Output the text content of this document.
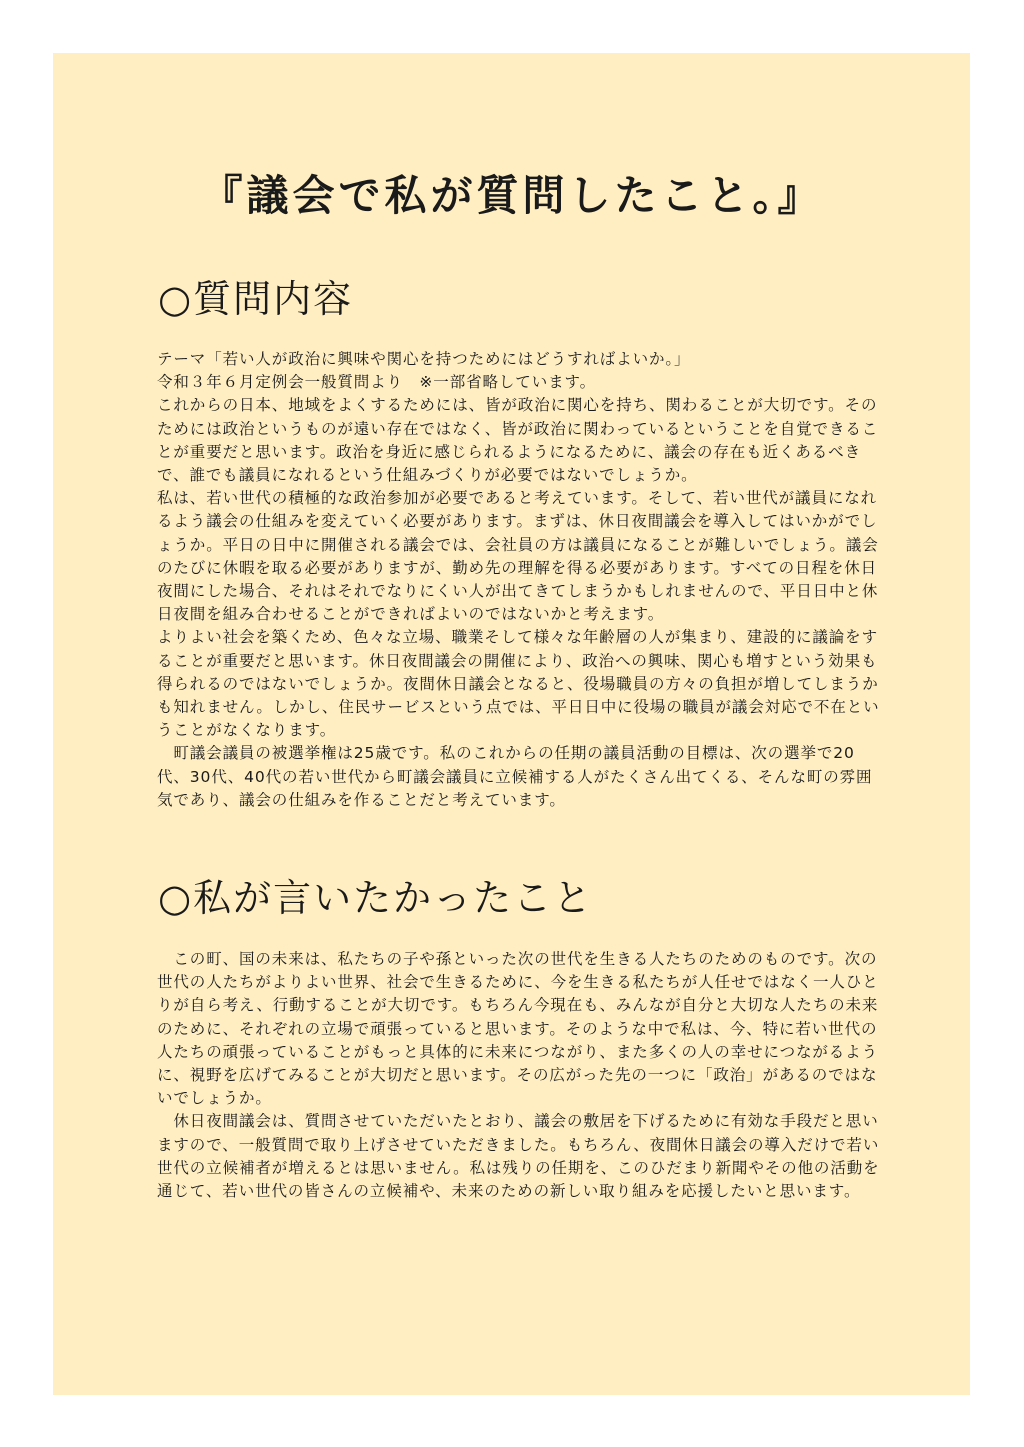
『議会で私が質問したこと。』
○質問内容

テーマ「若い人が政治に興味や関心を持つためにはどうすればよいか。」

令和３年６月定例会一般質問より　※一部省略しています。

これからの日本、地域をよくするためには、皆が政治に関心を持ち、関わることが大切です。そのためには政治というものが遠い存在ではなく、皆が政治に関わっているということを自覚できることが重要だと思います。政治を身近に感じられるようになるために、議会の存在も近くあるべきで、誰でも議員になれるという仕組みづくりが必要ではないでしょうか。

私は、若い世代の積極的な政治参加が必要であると考えています。そして、若い世代が議員になれるよう議会の仕組みを変えていく必要があります。まずは、休日夜間議会を導入してはいかがでしょうか。平日の日中に開催される議会では、会社員の方は議員になることが難しいでしょう。議会のたびに休暇を取る必要がありますが、勤め先の理解を得る必要があります。すべての日程を休日夜間にした場合、それはそれでなりにくい人が出てきてしまうかもしれませんので、平日日中と休日夜間を組み合わせることができればよいのではないかと考えます。

よりよい社会を築くため、色々な立場、職業そして様々な年齢層の人が集まり、建設的に議論をすることが重要だと思います。休日夜間議会の開催により、政治への興味、関心も増すという効果も得られるのではないでしょうか。夜間休日議会となると、役場職員の方々の負担が増してしまうかも知れません。しかし、住民サービスという点では、平日日中に役場の職員が議会対応で不在ということがなくなります。

　町議会議員の被選挙権は25歳です。私のこれからの任期の議員活動の目標は、次の選挙で20代、30代、40代の若い世代から町議会議員に立候補する人がたくさん出てくる、そんな町の雰囲気であり、議会の仕組みを作ることだと考えています。

○私が言いたかったこと

　この町、国の未来は、私たちの子や孫といった次の世代を生きる人たちのためのものです。次の世代の人たちがよりよい世界、社会で生きるために、今を生きる私たちが人任せではなく一人ひとりが自ら考え、行動することが大切です。もちろん今現在も、みんなが自分と大切な人たちの未来のために、それぞれの立場で頑張っていると思います。そのような中で私は、今、特に若い世代の人たちの頑張っていることがもっと具体的に未来につながり、また多くの人の幸せにつながるように、視野を広げてみることが大切だと思います。その広がった先の一つに「政治」があるのではないでしょうか。

　休日夜間議会は、質問させていただいたとおり、議会の敷居を下げるために有効な手段だと思いますので、一般質問で取り上げさせていただきました。もちろん、夜間休日議会の導入だけで若い世代の立候補者が増えるとは思いません。私は残りの任期を、このひだまり新聞やその他の活動を通じて、若い世代の皆さんの立候補や、未来のための新しい取り組みを応援したいと思います。
